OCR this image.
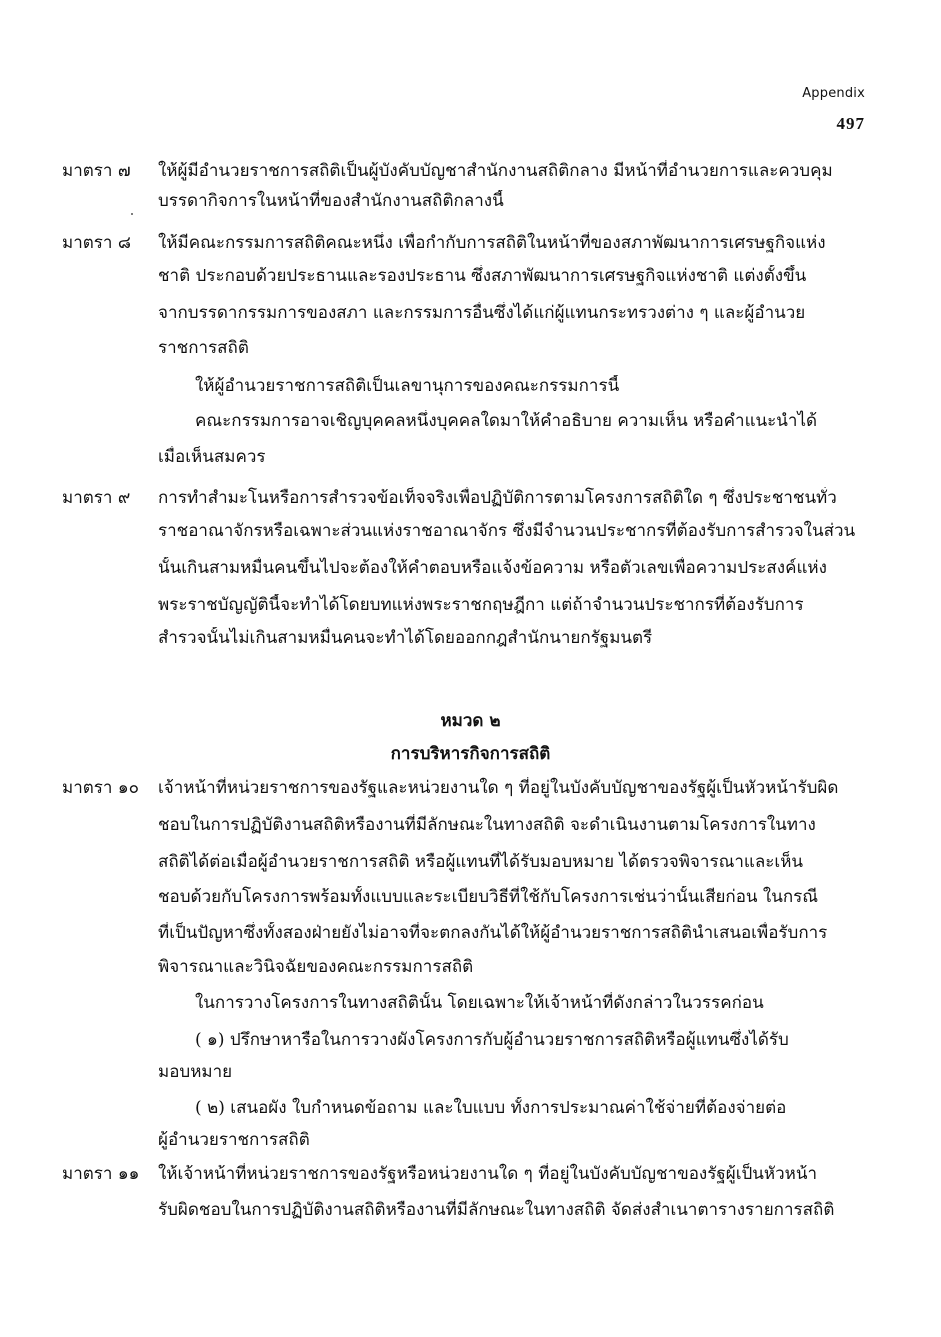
Appendix
497
มาตรา ๗ ให้ผู้มีอำนวยราชการสถิติเป็นผู้บังคับบัญชาสำนักงานสถิติกลาง มีหน้าที่อำนวยการและควบคุม
บรรดากิจการในหน้าที่ของสำนักงานสถิติกลางนี้
มาตรา ๘ ให้มีคณะกรรมการสถิติคณะหนึ่ง เพื่อกำกับการสถิติในหน้าที่ของสภาพัฒนาการเศรษฐกิจแห่ง
ชาติ ประกอบด้วยประธานและรองประธาน ซึ่งสภาพัฒนาการเศรษฐกิจแห่งชาติ แต่งตั้งขึ้น
จากบรรดากรรมการของสภา และกรรมการอื่นซึ่งได้แก่ผู้แทนกระทรวงต่าง ๆ และผู้อำนวย
ราชการสถิติ
ให้ผู้อำนวยราชการสถิติเป็นเลขานุการของคณะกรรมการนี้
คณะกรรมการอาจเชิญบุคคลหนึ่งบุคคลใดมาให้คำอธิบาย ความเห็น หรือคำแนะนำได้
เมื่อเห็นสมควร
มาตรา ๙ การทำสำมะโนหรือการสำรวจข้อเท็จจริงเพื่อปฏิบัติการตามโครงการสถิติใด ๆ ซึ่งประชาชนทั่ว
ราชอาณาจักรหรือเฉพาะส่วนแห่งราชอาณาจักร ซึ่งมีจำนวนประชากรที่ต้องรับการสำรวจในส่วน
นั้นเกินสามหมื่นคนขึ้นไปจะต้องให้คำตอบหรือแจ้งข้อความ หรือตัวเลขเพื่อความประสงค์แห่ง
พระราชบัญญัตินี้จะทำได้โดยบทแห่งพระราชกฤษฎีกา แต่ถ้าจำนวนประชากรที่ต้องรับการ
สำรวจนั้นไม่เกินสามหมื่นคนจะทำได้โดยออกกฎสำนักนายกรัฐมนตรี
หมวด ๒
การบริหารกิจการสถิติ
มาตรา ๑๐ เจ้าหน้าที่หน่วยราชการของรัฐและหน่วยงานใด ๆ ที่อยู่ในบังคับบัญชาของรัฐผู้เป็นหัวหน้ารับผิด
ชอบในการปฏิบัติงานสถิติหรืองานที่มีลักษณะในทางสถิติ จะดำเนินงานตามโครงการในทาง
สถิติได้ต่อเมื่อผู้อำนวยราชการสถิติ หรือผู้แทนที่ได้รับมอบหมาย ได้ตรวจพิจารณาและเห็น
ชอบด้วยกับโครงการพร้อมทั้งแบบและระเบียบวิธีที่ใช้กับโครงการเช่นว่านั้นเสียก่อน ในกรณี
ที่เป็นปัญหาซึ่งทั้งสองฝ่ายยังไม่อาจที่จะตกลงกันได้ให้ผู้อำนวยราชการสถิตินำเสนอเพื่อรับการ
พิจารณาและวินิจฉัยของคณะกรรมการสถิติ
ในการวางโครงการในทางสถิตินั้น โดยเฉพาะให้เจ้าหน้าที่ดังกล่าวในวรรคก่อน
( ๑) ปรึกษาหารือในการวางผังโครงการกับผู้อำนวยราชการสถิติหรือผู้แทนซึ่งได้รับ
มอบหมาย
( ๒) เสนอผัง ใบกำหนดข้อถาม และใบแบบ ทั้งการประมาณค่าใช้จ่ายที่ต้องจ่ายต่อ
ผู้อำนวยราชการสถิติ
มาตรา ๑๑ ให้เจ้าหน้าที่หน่วยราชการของรัฐหรือหน่วยงานใด ๆ ที่อยู่ในบังคับบัญชาของรัฐผู้เป็นหัวหน้า
รับผิดชอบในการปฏิบัติงานสถิติหรืองานที่มีลักษณะในทางสถิติ จัดส่งสำเนาตารางรายการสถิติ
